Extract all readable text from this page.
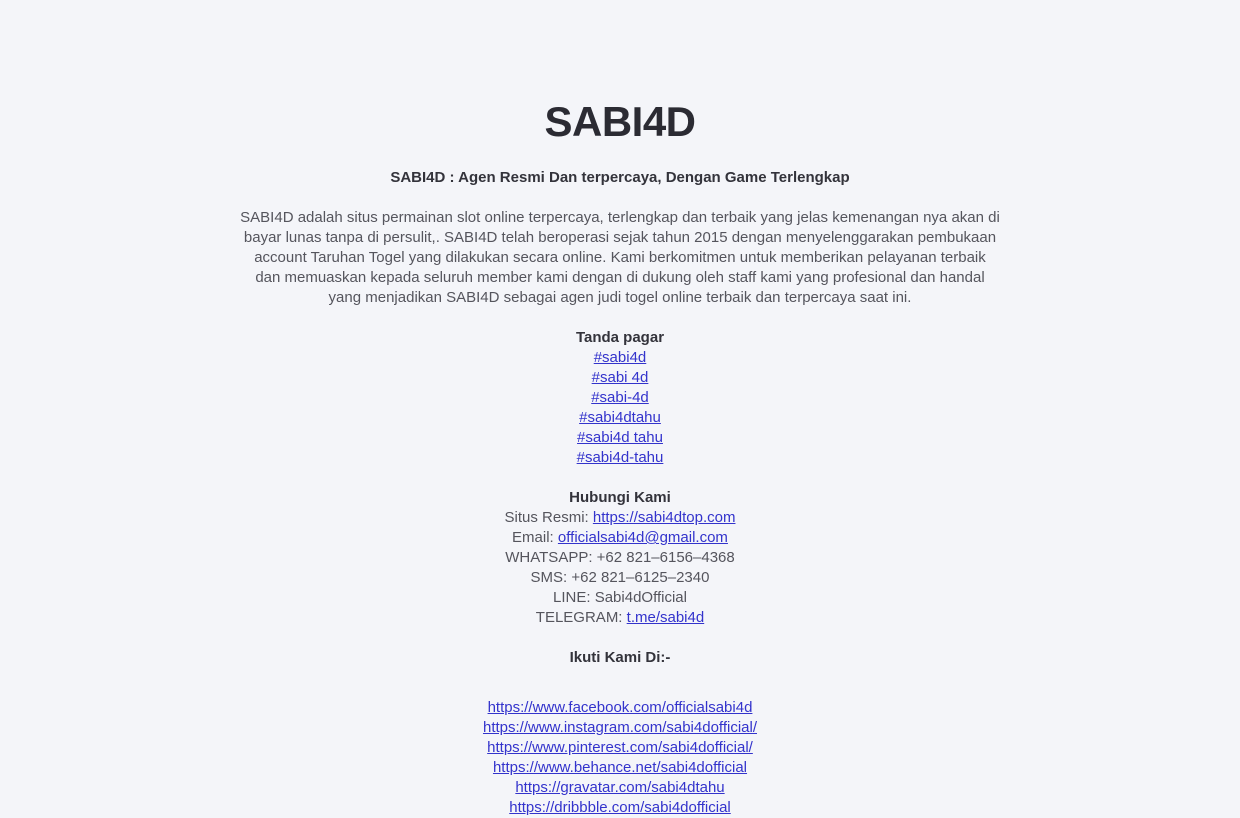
SABI4D

SABI4D : Agen Resmi Dan terpercaya, Dengan Game Terlengkap

SABI4D adalah situs permainan slot online terpercaya, terlengkap dan terbaik yang jelas kemenangan nya akan di bayar lunas tanpa di persulit,. SABI4D telah beroperasi sejak tahun 2015 dengan menyelenggarakan pembukaan account Taruhan Togel yang dilakukan secara online. Kami berkomitmen untuk memberikan pelayanan terbaik dan memuaskan kepada seluruh member kami dengan di dukung oleh staff kami yang profesional dan handal yang menjadikan SABI4D sebagai agen judi togel online terbaik dan terpercaya saat ini.

Tanda pagar
#sabi4d
#sabi 4d
#sabi-4d
#sabi4dtahu
#sabi4d tahu
#sabi4d-tahu
Hubungi Kami
Situs Resmi: https://sabi4dtop.com
Email: officialsabi4d@gmail.com
WHATSAPP: +62 821–6156–4368
SMS: +62 821–6125–2340
LINE: Sabi4dOfficial
TELEGRAM: t.me/sabi4d
Ikuti Kami Di:-
https://www.facebook.com/officialsabi4d
https://www.instagram.com/sabi4dofficial/
https://www.pinterest.com/sabi4dofficial/
https://www.behance.net/sabi4dofficial
https://gravatar.com/sabi4dtahu
https://dribbble.com/sabi4dofficial
